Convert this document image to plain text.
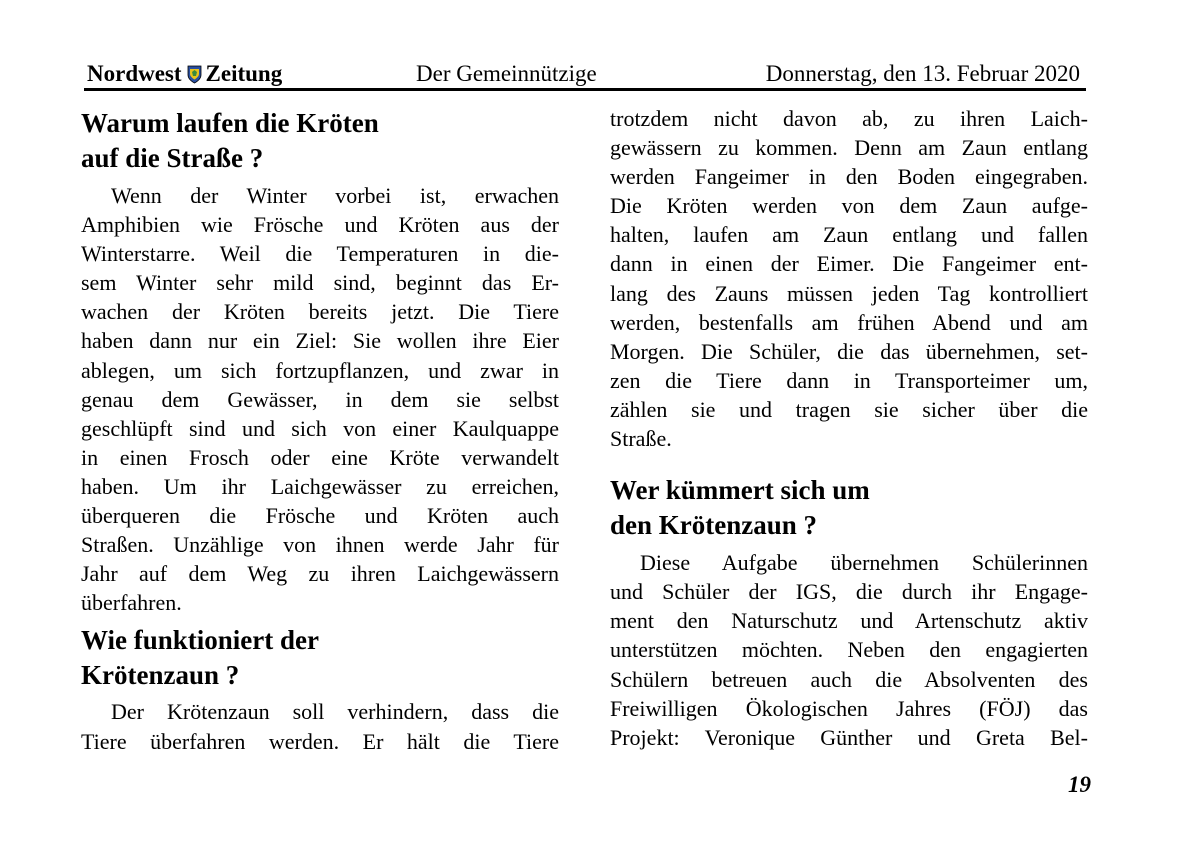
Nordwest Zeitung	Der Gemeinnützige	Donnerstag, den 13. Februar 2020
Warum laufen die Kröten
auf die Straße ?
Wenn der Winter vorbei ist, erwachen
Amphibien wie Frösche und Kröten aus der
Winterstarre. Weil die Temperaturen in die-
sem Winter sehr mild sind, beginnt das Er-
wachen der Kröten bereits jetzt. Die Tiere
haben dann nur ein Ziel: Sie wollen ihre Eier
ablegen, um sich fortzupflanzen, und zwar in
genau dem Gewässer, in dem sie selbst
geschlüpft sind und sich von einer Kaulquappe
in einen Frosch oder eine Kröte verwandelt
haben. Um ihr Laichgewässer zu erreichen,
überqueren die Frösche und Kröten auch
Straßen. Unzählige von ihnen werde Jahr für
Jahr auf dem Weg zu ihren Laichgewässern
überfahren.
Wie funktioniert der
Krötenzaun ?
Der Krötenzaun soll verhindern, dass die
Tiere überfahren werden. Er hält die Tiere
trotzdem nicht davon ab, zu ihren Laich-
gewässern zu kommen. Denn am Zaun entlang
werden Fangeimer in den Boden eingegraben.
Die Kröten werden von dem Zaun aufge-
halten, laufen am Zaun entlang und fallen
dann in einen der Eimer. Die Fangeimer ent-
lang des Zauns müssen jeden Tag kontrolliert
werden, bestenfalls am frühen Abend und am
Morgen. Die Schüler, die das übernehmen, set-
zen die Tiere dann in Transporteimer um,
zählen sie und tragen sie sicher über die
Straße.
Wer kümmert sich um
den Krötenzaun ?
Diese Aufgabe übernehmen Schülerinnen
und Schüler der IGS, die durch ihr Engage-
ment den Naturschutz und Artenschutz aktiv
unterstützen möchten. Neben den engagierten
Schülern betreuen auch die Absolventen des
Freiwilligen Ökologischen Jahres (FÖJ) das
Projekt: Veronique Günther und Greta Bel-
19
